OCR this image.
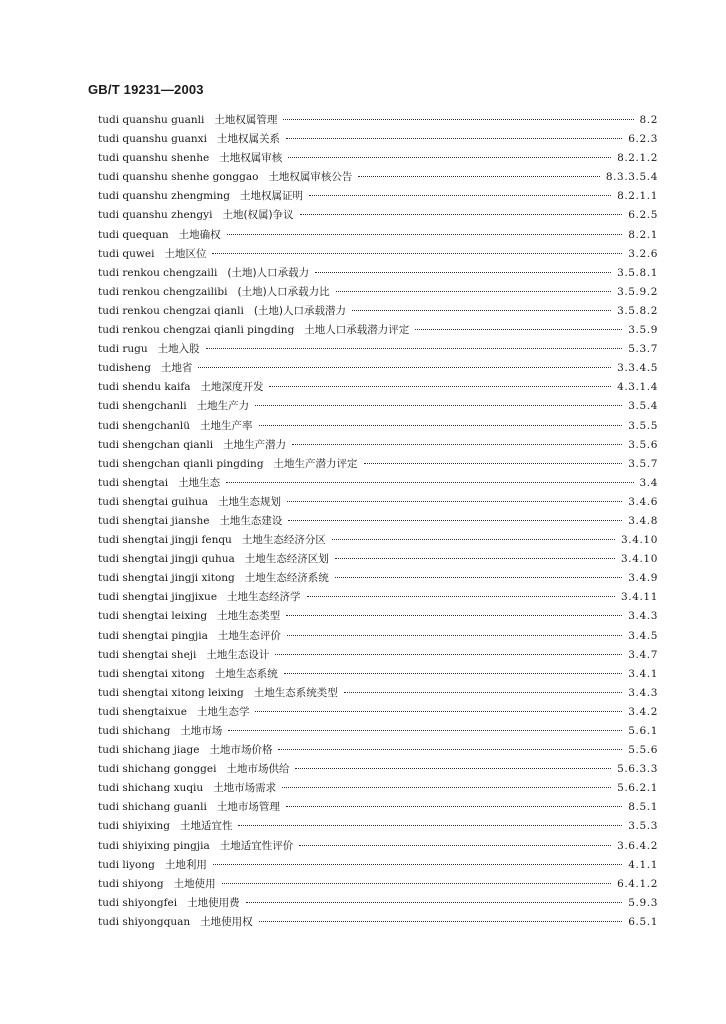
GB/T 19231—2003
tudi quanshu guanli 土地权属管理	8.2
tudi quanshu guanxi 土地权属关系	6.2.3
tudi quanshu shenhe 土地权属审核	8.2.1.2
tudi quanshu shenhe gonggao 土地权属审核公告	8.3.3.5.4
tudi quanshu zhengming 土地权属证明	8.2.1.1
tudi quanshu zhengyi 土地(权属)争议	6.2.5
tudi quequan 土地确权	8.2.1
tudi quwei 土地区位	3.2.6
tudi renkou chengzaili (土地)人口承载力	3.5.8.1
tudi renkou chengzailibi (土地)人口承载力比	3.5.9.2
tudi renkou chengzai qianli (土地)人口承载潜力	3.5.8.2
tudi renkou chengzai qianli pingding 土地人口承载潜力评定	3.5.9
tudi rugu 土地入股	5.3.7
tudisheng 土地省	3.3.4.5
tudi shendu kaifa 土地深度开发	4.3.1.4
tudi shengchanli 土地生产力	3.5.4
tudi shengchanlü 土地生产率	3.5.5
tudi shengchan qianli 土地生产潜力	3.5.6
tudi shengchan qianli pingding 土地生产潜力评定	3.5.7
tudi shengtai 土地生态	3.4
tudi shengtai guihua 土地生态规划	3.4.6
tudi shengtai jianshe 土地生态建设	3.4.8
tudi shengtai jingji fenqu 土地生态经济分区	3.4.10
tudi shengtai jingji quhua 土地生态经济区划	3.4.10
tudi shengtai jingji xitong 土地生态经济系统	3.4.9
tudi shengtai jingjixue 土地生态经济学	3.4.11
tudi shengtai leixing 土地生态类型	3.4.3
tudi shengtai pingjia 土地生态评价	3.4.5
tudi shengtai sheji 土地生态设计	3.4.7
tudi shengtai xitong 土地生态系统	3.4.1
tudi shengtai xitong leixing 土地生态系统类型	3.4.3
tudi shengtaixue 土地生态学	3.4.2
tudi shichang 土地市场	5.6.1
tudi shichang jiage 土地市场价格	5.5.6
tudi shichang gonggei 土地市场供给	5.6.3.3
tudi shichang xuqiu 土地市场需求	5.6.2.1
tudi shichang guanli 土地市场管理	8.5.1
tudi shiyixing 土地适宜性	3.5.3
tudi shiyixing pingjia 土地适宜性评价	3.6.4.2
tudi liyong 土地利用	4.1.1
tudi shiyong 土地使用	6.4.1.2
tudi shiyongfei 土地使用费	5.9.3
tudi shiyongquan 土地使用权	6.5.1
